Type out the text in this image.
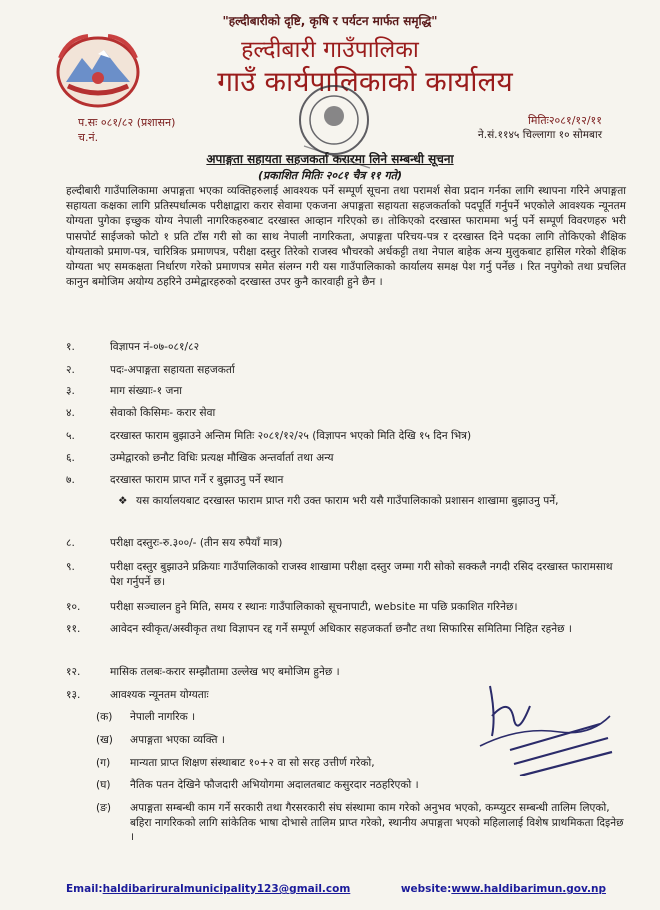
"हल्दीबारीको दृष्टि, कृषि र पर्यटन मार्फत समृद्धि"
हल्दीबारी गाउँपालिका
गाउँ कार्यपालिकाको कार्यालय
प.सः ०८१/८२ (प्रशासन)
च.नं.
मितिः२०८१/१२/११
ने.सं.११४५ चिल्लागा १० सोमबार
अपाङ्गता सहायता सहजकर्ता करारमा लिने सम्बन्धी सूचना
(प्रकाशित मितिः २०८१ चैत्र ११ गते)

हल्दीबारी गाउँपालिकामा अपाङ्गता भएका व्यक्तिहरुलाई आवश्यक पर्ने सम्पूर्ण सूचना तथा परामर्श सेवा प्रदान गर्नका लागि स्थापना गरिने अपाङ्गता सहायता कक्षका लागि प्रतिस्पर्धात्मक परीक्षाद्वारा करार सेवामा एकजना अपाङ्गता सहायता सहजकर्ताको पदपूर्ति गर्नुपर्ने भएकोले आवश्यक न्यूनतम योग्यता पुगेका इच्छुक योग्य नेपाली नागरिकहरुबाट दरखास्त आव्हान गरिएको छ। तोकिएको दरखास्त फाराममा भर्नु पर्ने सम्पूर्ण विवरणहरु भरी पासपोर्ट साईजको फोटो १ प्रति टाँस गरी सो का साथ नेपाली नागरिकता, अपाङ्गता परिचय-पत्र र दरखास्त दिने पदका लागि तोकिएको शैक्षिक योग्यताको प्रमाण-पत्र, चारित्रिक प्रमाणपत्र, परीक्षा दस्तुर तिरेको राजस्व भौचरको अर्धकट्टी तथा नेपाल बाहेक अन्य मुलुकबाट हासिल गरेको शैक्षिक योग्यता भए समकक्षता निर्धारण गरेको प्रमाणपत्र समेत संलग्न गरी यस गाउँपालिकाको कार्यालय समक्ष पेश गर्नु पर्नेछ । रित नपुगेको तथा प्रचलित कानुन बमोजिम अयोग्य ठहरिने उम्मेद्वारहरुको दरखास्त उपर कुनै कारवाही हुने छैन ।

१.	विज्ञापन नं-०७-०८१/८२
२.	पदः-अपाङ्गता सहायता सहजकर्ता
३.	माग संख्याः-१ जना
४.	सेवाको किसिमः- करार सेवा
५.	दरखास्त फाराम बुझाउने अन्तिम मितिः २०८१/१२/२५ (विज्ञापन भएको मिति देखि १५ दिन भित्र)
६.	उम्मेद्वारको छनौट विधिः प्रत्यक्ष मौखिक अन्तर्वार्ता तथा अन्य
७.	दरखास्त फाराम प्राप्त गर्ने र बुझाउनु पर्ने स्थान
❖ यस कार्यालयबाट दरखास्त फाराम प्राप्त गरी उक्त फाराम भरी यसै गाउँपालिकाको प्रशासन शाखामा बुझाउनु पर्ने,
८.	परीक्षा दस्तुरः-रु.३००/- (तीन सय रुपैयाँ मात्र)
९.	परीक्षा दस्तुर बुझाउने प्रक्रियाः गाउँपालिकाको राजस्व शाखामा परीक्षा दस्तुर जम्मा गरी सोको सक्कलै नगदी रसिद दरखास्त फारामसाथ पेश गर्नुपर्ने छ।
१०.	परीक्षा सञ्चालन हुने मिति, समय र स्थानः गाउँपालिकाको सूचनापाटी, website मा पछि प्रकाशित गरिनेछ।
११.	आवेदन स्वीकृत/अस्वीकृत तथा विज्ञापन रद्द गर्ने सम्पूर्ण अधिकार सहजकर्ता छनौट तथा सिफारिस समितिमा निहित रहनेछ ।
१२.	मासिक तलबः-करार सम्झौतामा उल्लेख भए बमोजिम हुनेछ ।
१३.	आवश्यक न्यूनतम योग्यताः
(क)	नेपाली नागरिक ।
(ख)	अपाङ्गता भएका व्यक्ति ।
(ग)	मान्यता प्राप्त शिक्षण संस्थाबाट १०+२ वा सो सरह उत्तीर्ण गरेको,
(घ)	नैतिक पतन देखिने फौजदारी अभियोगमा अदालतबाट कसुरदार नठहरिएको ।
(ङ)	अपाङ्गता सम्बन्धी काम गर्ने सरकारी तथा गैरसरकारी संघ संस्थामा काम गरेको अनुभव भएको, कम्प्युटर सम्बन्धी तालिम लिएको, बहिरा नागरिकको लागि सांकेतिक भाषा दोभासे तालिम प्राप्त गरेको, स्थानीय अपाङ्गता भएको महिलालाई विशेष प्राथमिकता दिइनेछ ।
Email:haldibariruralmunicipality123@gmail.com	website:www.haldibarimun.gov.np
